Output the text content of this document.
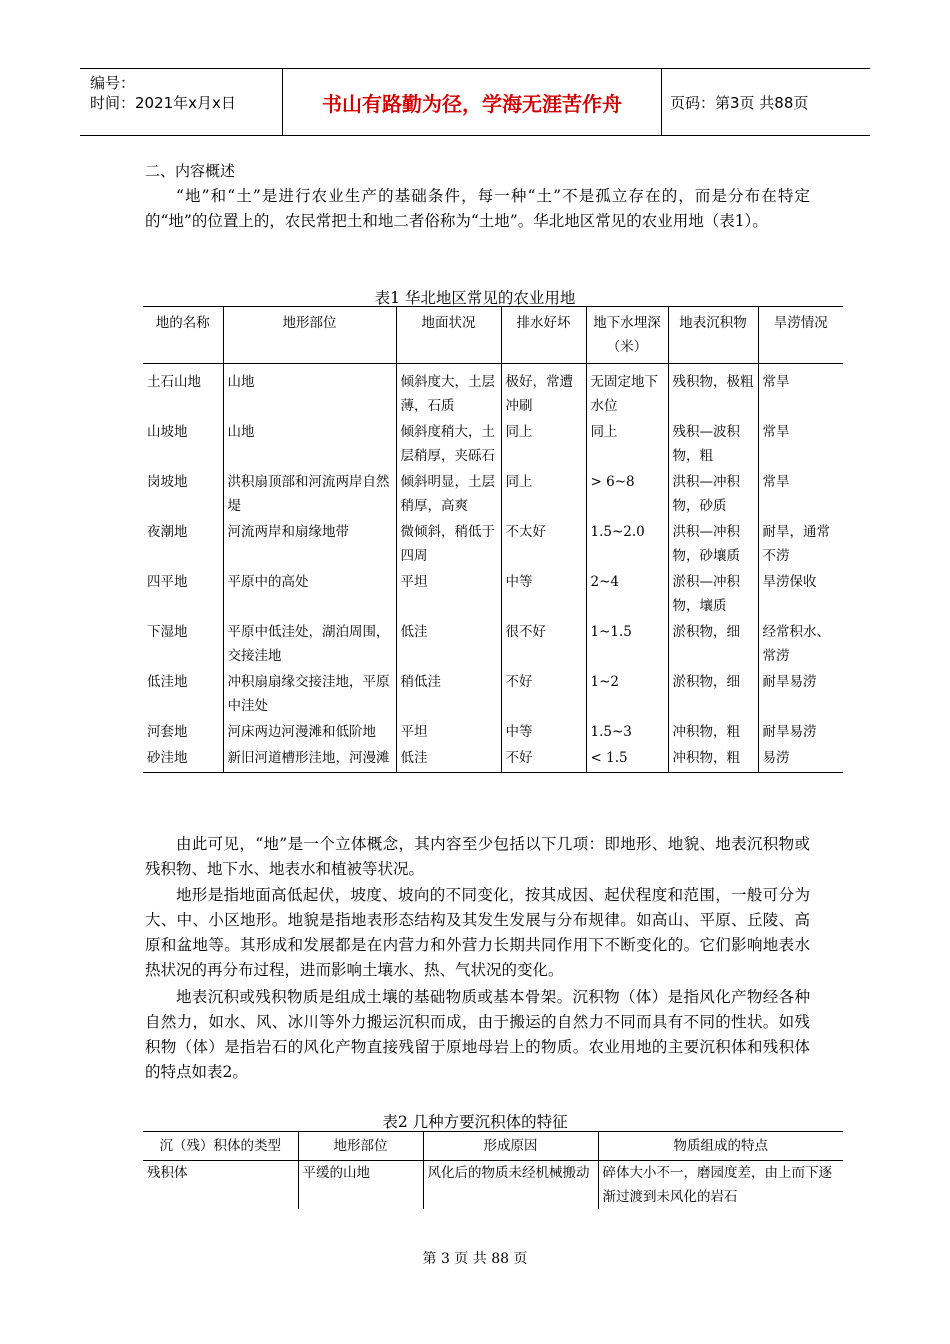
编号：
时间：2021年x月x日	书山有路勤为径，学海无涯苦作舟	页码：第3页 共88页
二、内容概述

“地”和“土”是进行农业生产的基础条件，每一种“土”不是孤立存在的，而是分布在特定的“地”的位置上的，农民常把土和地二者俗称为“土地”。华北地区常见的农业用地（表1）。

表1 华北地区常见的农业用地
地的名称	地形部位	地面状况	排水好坏	地下水埋深（米）	地表沉积物	旱涝情况
土石山地	山地	倾斜度大，土层薄，石质	极好，常遭冲刷	无固定地下水位	残积物，极粗	常旱
山坡地	山地	倾斜度稍大，土层稍厚，夹砾石	同上	同上	残积—波积物，粗	常旱
岗坡地	洪积扇顶部和河流两岸自然堤	倾斜明显，土层稍厚，高爽	同上	> 6~8	洪积—冲积物，砂质	常旱
夜潮地	河流两岸和扇缘地带	微倾斜，稍低于四周	不太好	1.5~2.0	洪积—冲积物，砂壤质	耐旱，通常不涝
四平地	平原中的高处	平坦	中等	2~4	淤积—冲积物，壤质	旱涝保收
下湿地	平原中低洼处，湖泊周围，交接洼地	低洼	很不好	1~1.5	淤积物，细	经常积水、常涝
低洼地	冲积扇扇缘交接洼地，平原中洼处	稍低洼	不好	1~2	淤积物，细	耐旱易涝
河套地	河床两边河漫滩和低阶地	平坦	中等	1.5~3	冲积物，粗	耐旱易涝
砂洼地	新旧河道槽形洼地，河漫滩	低洼	不好	< 1.5	冲积物，粗	易涝

由此可见，“地”是一个立体概念，其内容至少包括以下几项：即地形、地貌、地表沉积物或残积物、地下水、地表水和植被等状况。

地形是指地面高低起伏，坡度、坡向的不同变化，按其成因、起伏程度和范围，一般可分为大、中、小区地形。地貌是指地表形态结构及其发生发展与分布规律。如高山、平原、丘陵、高原和盆地等。其形成和发展都是在内营力和外营力长期共同作用下不断变化的。它们影响地表水热状况的再分布过程，进而影响土壤水、热、气状况的变化。

地表沉积或残积物质是组成土壤的基础物质或基本骨架。沉积物（体）是指风化产物经各种自然力，如水、风、冰川等外力搬运沉积而成，由于搬运的自然力不同而具有不同的性状。如残积物（体）是指岩石的风化产物直接残留于原地母岩上的物质。农业用地的主要沉积体和残积体的特点如表2。

表2 几种方要沉积体的特征
沉（残）积体的类型	地形部位	形成原因	物质组成的特点
残积体	平缓的山地	风化后的物质未经机械搬动	碎体大小不一，磨园度差，由上而下逐渐过渡到未风化的岩石
第 3 页 共 88 页
